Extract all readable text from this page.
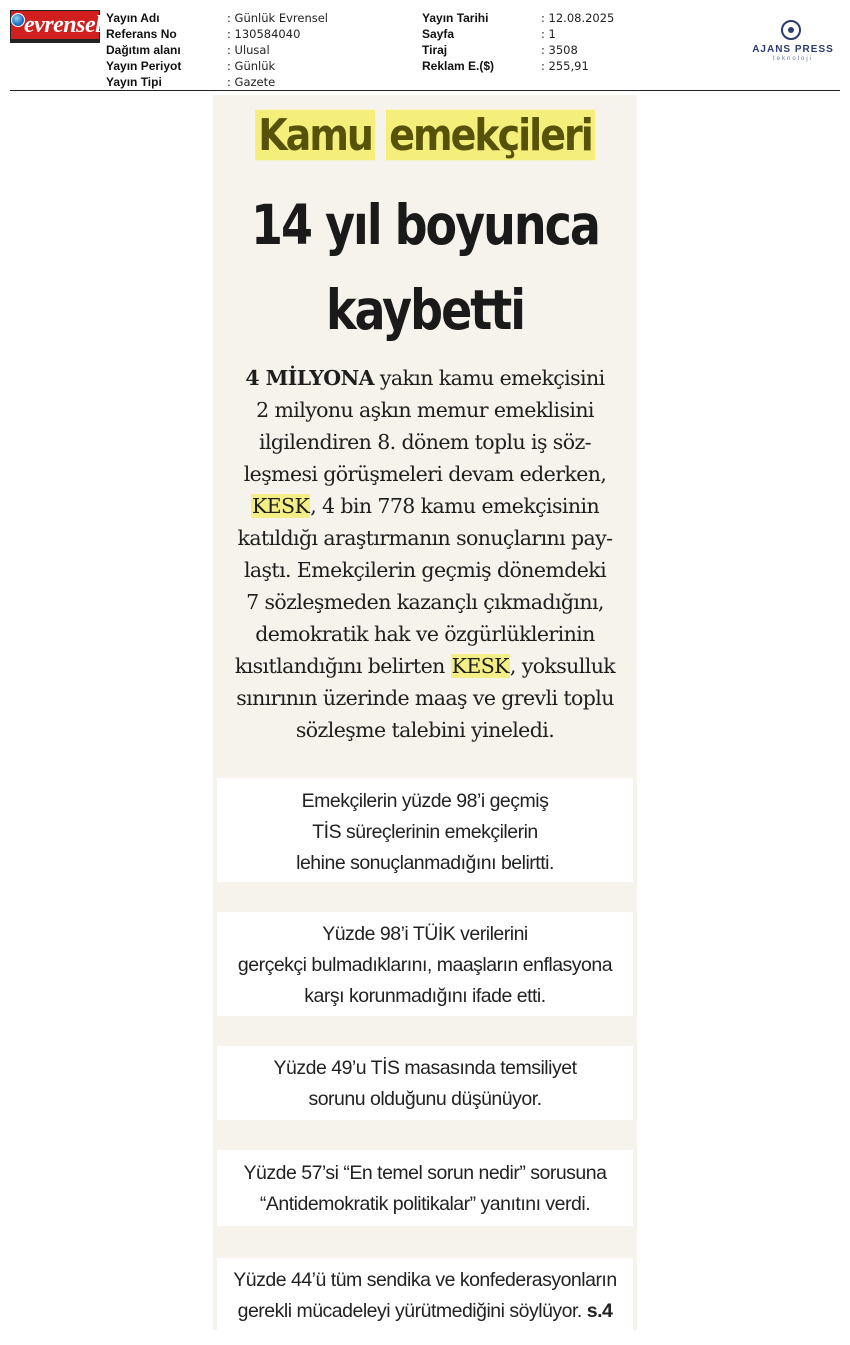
evrensel Yayın Adı	: Günlük Evrensel
Referans No	: 130584040
Dağıtım alanı	: Ulusal
Yayın Periyot	: Günlük
Yayın Tipi	: Gazete
Yayın Tarihi	: 12.08.2025
Sayfa	: 1
Tiraj	: 3508
Reklam E.($)	: 255,91
AJANS PRESS
teknoloji
Kamu emekçileri
14 yıl boyunca
kaybetti
4 MİLYONA yakın kamu emekçisini
2 milyonu aşkın memur emeklisini
ilgilendiren 8. dönem toplu iş söz-
leşmesi görüşmeleri devam ederken,
KESK, 4 bin 778 kamu emekçisinin
katıldığı araştırmanın sonuçlarını pay-
laştı. Emekçilerin geçmiş dönemdeki
7 sözleşmeden kazançlı çıkmadığını,
demokratik hak ve özgürlüklerinin
kısıtlandığını belirten KESK, yoksulluk
sınırının üzerinde maaş ve grevli toplu
sözleşme talebini yineledi.
Emekçilerin yüzde 98’i geçmiş
TİS süreçlerinin emekçilerin
lehine sonuçlanmadığını belirtti.
Yüzde 98’i TÜİK verilerini
gerçekçi bulmadıklarını, maaşların enflasyona
karşı korunmadığını ifade etti.
Yüzde 49’u TİS masasında temsiliyet
sorunu olduğunu düşünüyor.
Yüzde 57’si “En temel sorun nedir” sorusuna
“Antidemokratik politikalar” yanıtını verdi.
Yüzde 44’ü tüm sendika ve konfederasyonların
gerekli mücadeleyi yürütmediğini söylüyor. s.4
